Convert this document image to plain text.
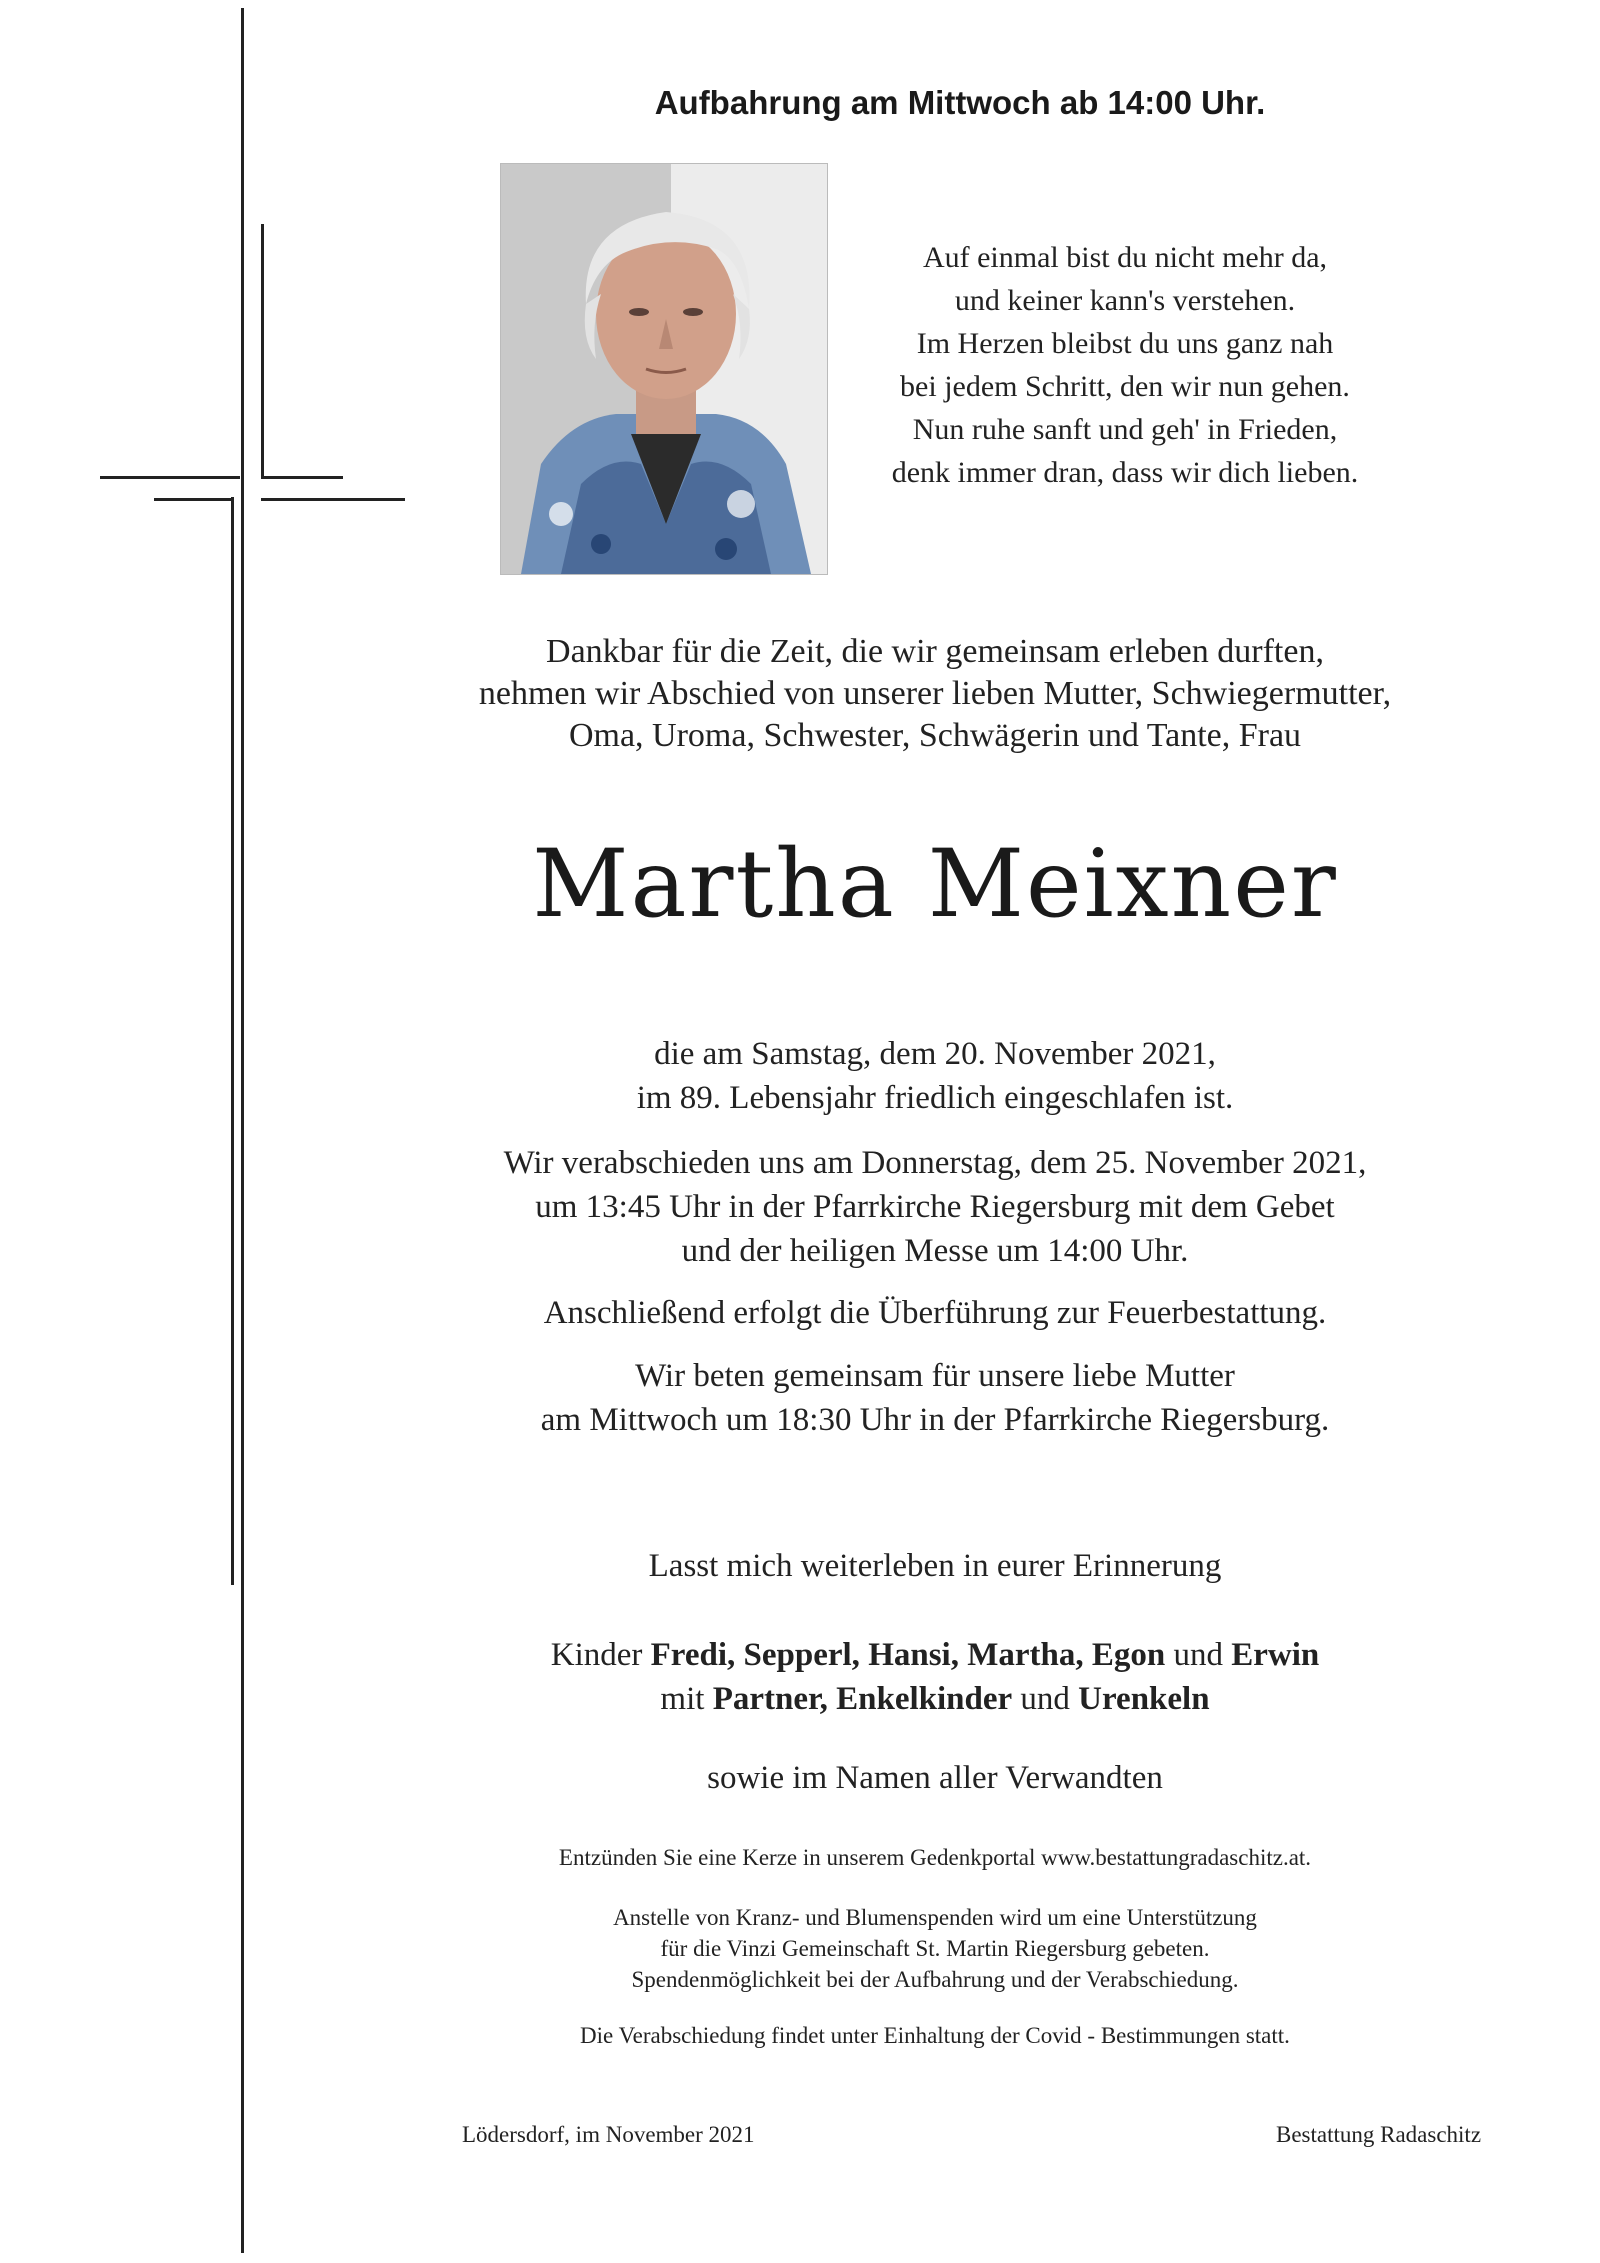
Aufbahrung am Mittwoch ab 14:00 Uhr.
Auf einmal bist du nicht mehr da,
und keiner kann's verstehen.
Im Herzen bleibst du uns ganz nah
bei jedem Schritt, den wir nun gehen.
Nun ruhe sanft und geh' in Frieden,
denk immer dran, dass wir dich lieben.
Dankbar für die Zeit, die wir gemeinsam erleben durften,
nehmen wir Abschied von unserer lieben Mutter, Schwiegermutter,
Oma, Uroma, Schwester, Schwägerin und Tante, Frau
Martha Meixner
die am Samstag, dem 20. November 2021,
im 89. Lebensjahr friedlich eingeschlafen ist.
Wir verabschieden uns am Donnerstag, dem 25. November 2021,
um 13:45 Uhr in der Pfarrkirche Riegersburg mit dem Gebet
und der heiligen Messe um 14:00 Uhr.
Anschließend erfolgt die Überführung zur Feuerbestattung.
Wir beten gemeinsam für unsere liebe Mutter
am Mittwoch um 18:30 Uhr in der Pfarrkirche Riegersburg.
Lasst mich weiterleben in eurer Erinnerung
Kinder Fredi, Sepperl, Hansi, Martha, Egon und Erwin
mit Partner, Enkelkinder und Urenkeln
sowie im Namen aller Verwandten
Entzünden Sie eine Kerze in unserem Gedenkportal www.bestattungradaschitz.at.
Anstelle von Kranz- und Blumenspenden wird um eine Unterstützung
für die Vinzi Gemeinschaft St. Martin Riegersburg gebeten.
Spendenmöglichkeit bei der Aufbahrung und der Verabschiedung.
Die Verabschiedung findet unter Einhaltung der Covid - Bestimmungen statt.
Lödersdorf, im November 2021	Bestattung Radaschitz
